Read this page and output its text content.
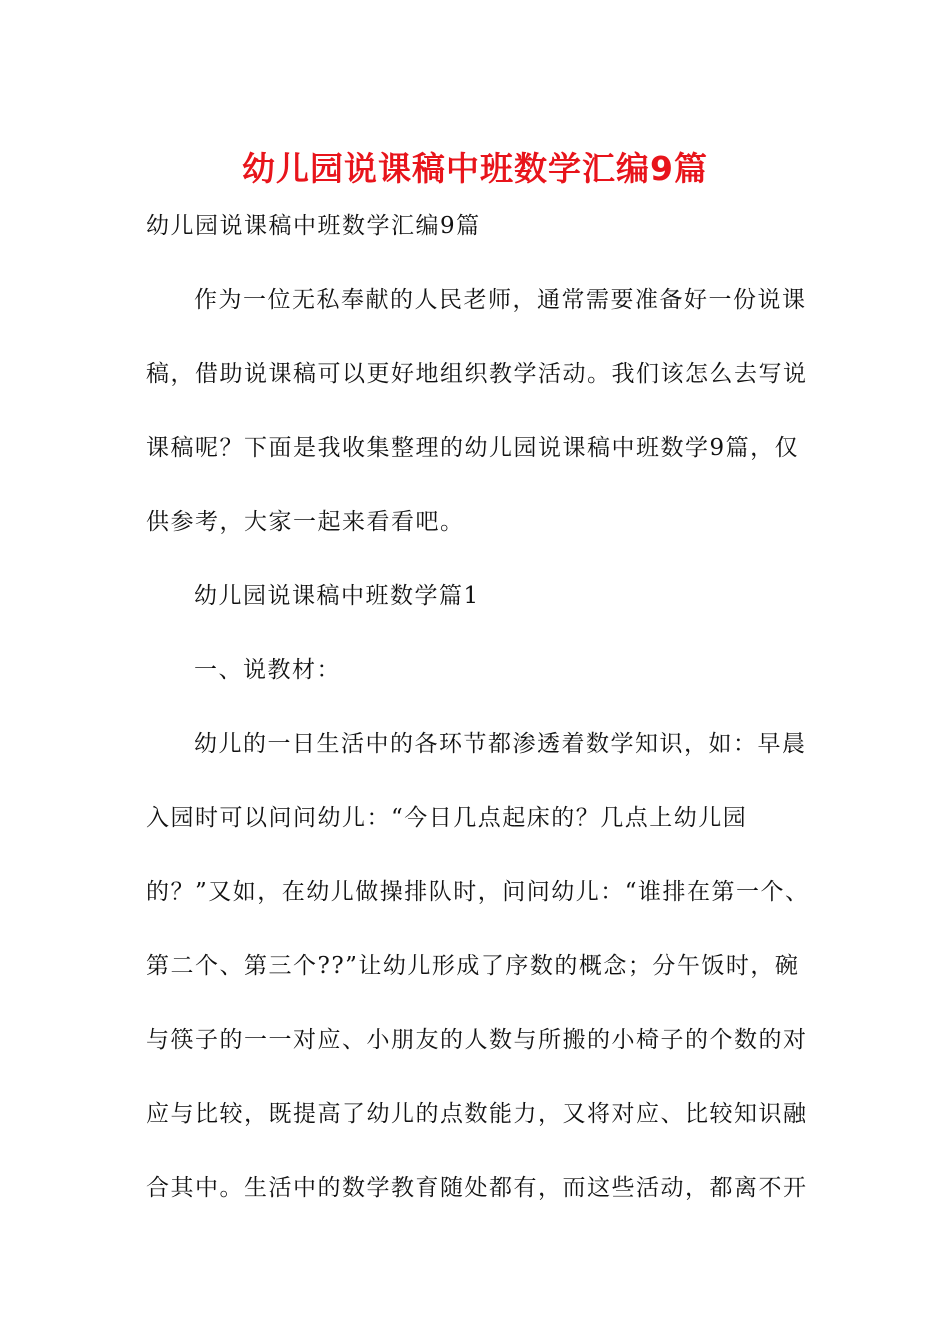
幼儿园说课稿中班数学汇编9篇
幼儿园说课稿中班数学汇编9篇
作为一位无私奉献的人民老师，通常需要准备好一份说课
稿，借助说课稿可以更好地组织教学活动。我们该怎么去写说
课稿呢？下面是我收集整理的幼儿园说课稿中班数学9篇，仅
供参考，大家一起来看看吧。
幼儿园说课稿中班数学篇1
一、说教材：
幼儿的一日生活中的各环节都渗透着数学知识，如：早晨
入园时可以问问幼儿：“今日几点起床的？几点上幼儿园
的？”又如，在幼儿做操排队时，问问幼儿：“谁排在第一个、
第二个、第三个??”让幼儿形成了序数的概念；分午饭时，碗
与筷子的一一对应、小朋友的人数与所搬的小椅子的个数的对
应与比较，既提高了幼儿的点数能力，又将对应、比较知识融
合其中。生活中的数学教育随处都有，而这些活动，都离不开
